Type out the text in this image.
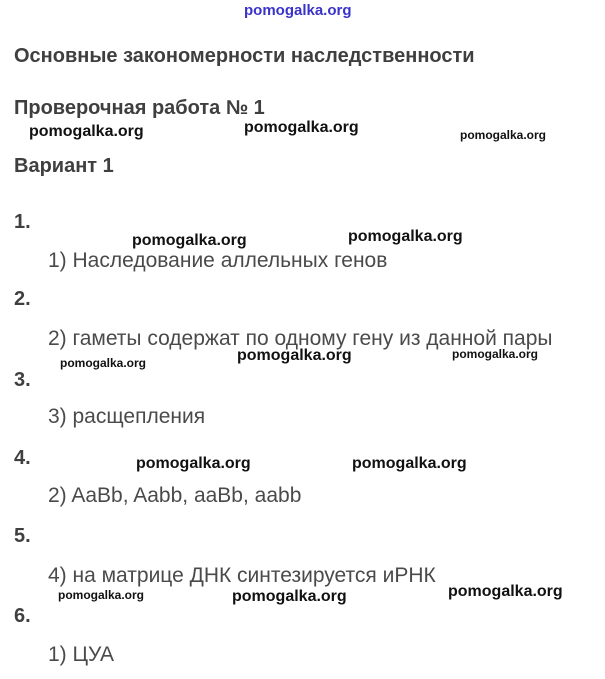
pomogalka.org
Основные закономерности наследственности
Проверочная работа № 1
Вариант 1
pomogalka.org	pomogalka.org	pomogalka.org
1.
pomogalka.org	pomogalka.org
1) Наследование аллельных генов
2.
2) гаметы содержат по одному гену из данной пары
pomogalka.org	pomogalka.org	pomogalka.org
3.
3) расщепления
4.	pomogalka.org	pomogalka.org
2) AaBb, Aabb, aaBb, aabb
5.
4) на матрице ДНК синтезируется иРНК
pomogalka.org	pomogalka.org	pomogalka.org
6.
1) ЦУА
